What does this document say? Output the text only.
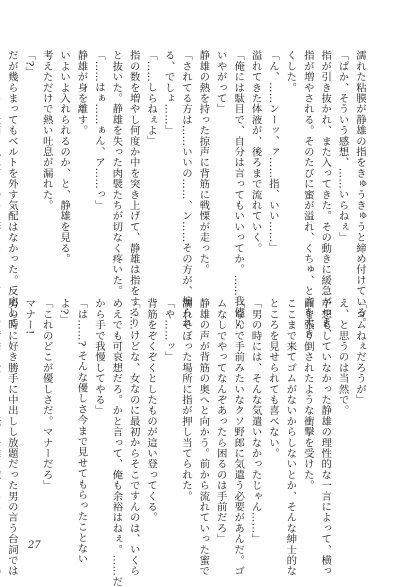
濡れた粘膜が静雄の指をきゅうきゅうと締め付けている。
「ぱか、そういう感想、……いらねぇ」
指が引き抜かれ、また入ってきた。その動きに緩急がつき、
指が増やされる。そのたびに蜜が溢れ、くちゅ、と音を大き
くした。
「ん、……ンーッ、ァ……指、いい……」
溢れてきた体液が、後ろまで流れていく。
「俺には駄目で、自分は言ってもいいってか。……我儘い
いやがって」
静雄の熱を持った掠声に背筋に戦慄が走った。
「されてる方は……いいの……、ン……その方が、煽られ
る、でしょ……」
「……しらねぇよ」
指の数を増やし何度か中を突き上げて、静雄は指をするり
と抜いた。静雄を失った肉襞たちが切なく疼いた。
「……はぁ……ぁん、ア……っ」
静雄が身を離す。
いよいよ入れられるのか、と、静雄を見る。
考えただけで熱い吐息が漏れた。
「?」
だが幾らまってもベルトを外す気配はなかった。反応して
「ゴムねぇだろうが」
え、と思うのは当然で。
予想もしていなかった静雄の理性的な一言によって、横っ
面を張り倒されたような衝撃を受けた。
ここまで来てゴムがないからしないとか、そんな紳士的な
ところを見せられても喜べない。
「男の時には、そんな気遣いなかったじゃん……」
「なんで手前みたいなクソ野郎に気遣う必要があんだ。ゴ
ムなしでやってなんぞあったら困るのは手前だろ」
静雄の声が背筋の奥へと向かう。前から流れていった蜜で
濡れそぼった場所に指が押し当てられた。
「や……ッ」
背筋をぞくぞくとしたものが這い登ってくる。
「……けどな、女なのに最初からそこですんのは、いくら
めえでも可哀想だろ。かと言って、俺も余裕はねぇ。……だ
から手で我慢してやる」
「は……? そんな優しさ今まで見せてもらったことない
よ?」
「これのどこが優しさだ。マナーだろ」
マナー!
男の時に好き勝手に中出しし放題だった男の言う台詞では 27
